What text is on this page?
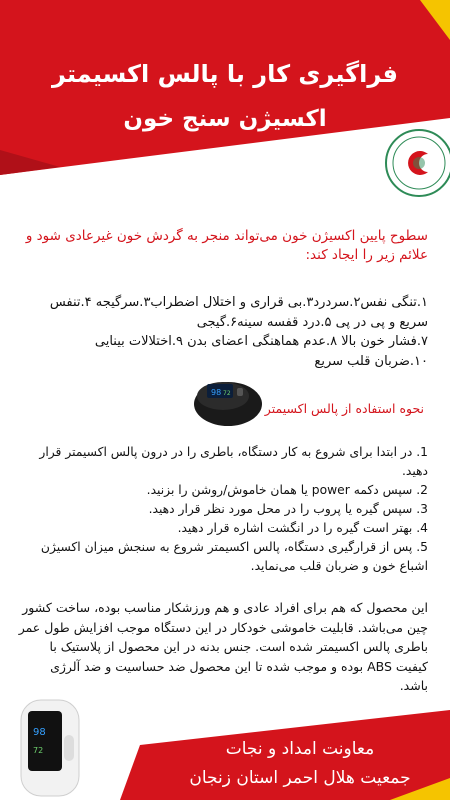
فراگیری کار با پالس اکسیمتر
اکسیژن سنج خون
سطوح پایین اکسیژن خون می‌تواند منجر به گردش خون غیرعادی شود و علائم زیر را ایجاد کند:

۱.تنگی نفس۲.سردرد۳.بی قراری و اختلال اضطراب۳.سرگیجه ۴.تنفس سریع و پی در پی ۵.درد قفسه سینه۶.گیجی

۷.فشار خون بالا ۸.عدم هماهنگی اعضای بدن ۹.اختلالات بینایی

۱۰.ضربان قلب سریع

98 72
نحوه استفاده از پالس اکسیمتر

1. در ابتدا برای شروع به کار دستگاه، باطری را در درون پالس اکسیمتر قرار دهید.

2. سپس دکمه power یا همان خاموش/روشن را بزنید.

3. سپس گیره یا پروب را در محل مورد نظر قرار دهید.

4. بهتر است گیره را در انگشت اشاره قرار دهید.

5. پس از قرارگیری دستگاه، پالس اکسیمتر شروع به سنجش میزان اکسیژن اشباع خون و ضربان قلب می‌نماید.

این محصول که هم برای افراد عادی و هم ورزشکار مناسب بوده، ساخت کشور چین می‌باشد. قابلیت خاموشی خودکار در این دستگاه موجب افزایش طول عمر باطری پالس اکسیمتر شده است. جنس بدنه در این محصول از پلاستیک با کیفیت ABS بوده و موجب شده تا این محصول ضد حساسیت و ضد آلرژی باشد.
98
72	معاونت امداد و نجات
جمعیت هلال احمر استان زنجان
